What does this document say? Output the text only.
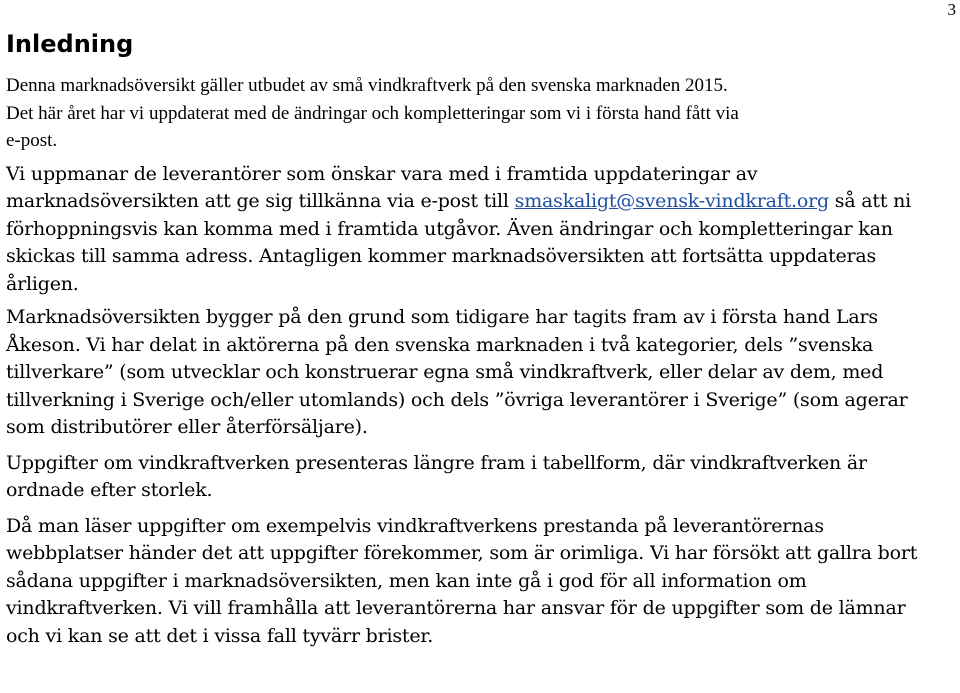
3
Inledning
Denna marknadsöversikt gäller utbudet av små vindkraftverk på den svenska marknaden 2015.
Det här året har vi uppdaterat med de ändringar och kompletteringar som vi i första hand fått via
e-post.
Vi uppmanar de leverantörer som önskar vara med i framtida uppdateringar av
marknadsöversikten att ge sig tillkänna via e-post till smaskaligt@svensk-vindkraft.org så att ni
förhoppningsvis kan komma med i framtida utgåvor. Även ändringar och kompletteringar kan
skickas till samma adress. Antagligen kommer marknadsöversikten att fortsätta uppdateras
årligen.
Marknadsöversikten bygger på den grund som tidigare har tagits fram av i första hand Lars
Åkeson. Vi har delat in aktörerna på den svenska marknaden i två kategorier, dels ”svenska
tillverkare” (som utvecklar och konstruerar egna små vindkraftverk, eller delar av dem, med
tillverkning i Sverige och/eller utomlands) och dels ”övriga leverantörer i Sverige” (som agerar
som distributörer eller återförsäljare).
Uppgifter om vindkraftverken presenteras längre fram i tabellform, där vindkraftverken är
ordnade efter storlek.
Då man läser uppgifter om exempelvis vindkraftverkens prestanda på leverantörernas
webbplatser händer det att uppgifter förekommer, som är orimliga. Vi har försökt att gallra bort
sådana uppgifter i marknadsöversikten, men kan inte gå i god för all information om
vindkraftverken. Vi vill framhålla att leverantörerna har ansvar för de uppgifter som de lämnar
och vi kan se att det i vissa fall tyvärr brister.
